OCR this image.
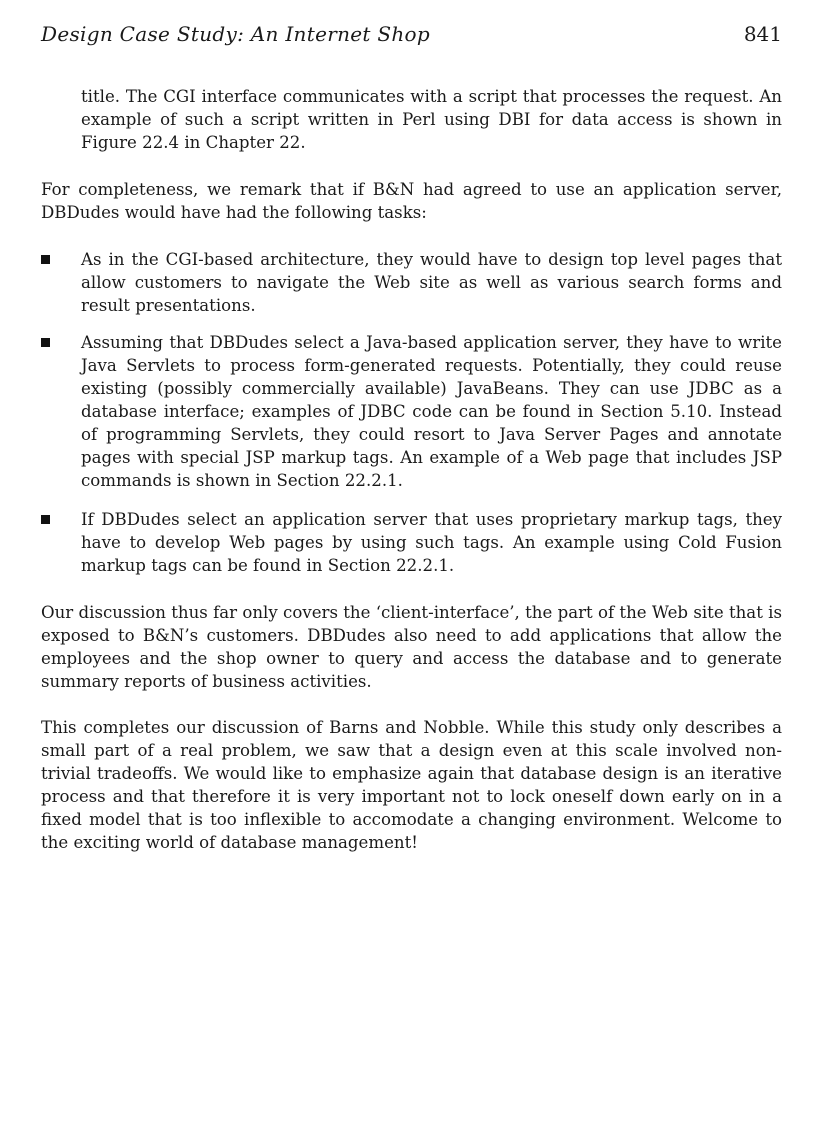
Design Case Study: An Internet Shop	841

title. The CGI interface communicates with a script that processes the request. An example of such a script written in Perl using DBI for data access is shown in Figure 22.4 in Chapter 22.

For completeness, we remark that if B&N had agreed to use an application server, DBDudes would have had the following tasks:

As in the CGI-based architecture, they would have to design top level pages that allow customers to navigate the Web site as well as various search forms and result presentations.

Assuming that DBDudes select a Java-based application server, they have to write Java Servlets to process form-generated requests. Potentially, they could reuse existing (possibly commercially available) JavaBeans. They can use JDBC as a database interface; examples of JDBC code can be found in Section 5.10. Instead of programming Servlets, they could resort to Java Server Pages and annotate pages with special JSP markup tags. An example of a Web page that includes JSP commands is shown in Section 22.2.1.

If DBDudes select an application server that uses proprietary markup tags, they have to develop Web pages by using such tags. An example using Cold Fusion markup tags can be found in Section 22.2.1.

Our discussion thus far only covers the ‘client-interface’, the part of the Web site that is exposed to B&N’s customers. DBDudes also need to add applications that allow the employees and the shop owner to query and access the database and to generate summary reports of business activities.

This completes our discussion of Barns and Nobble. While this study only describes a small part of a real problem, we saw that a design even at this scale involved non-trivial tradeoffs. We would like to emphasize again that database design is an iterative process and that therefore it is very important not to lock oneself down early on in a fixed model that is too inflexible to accomodate a changing environment. Welcome to the exciting world of database management!
